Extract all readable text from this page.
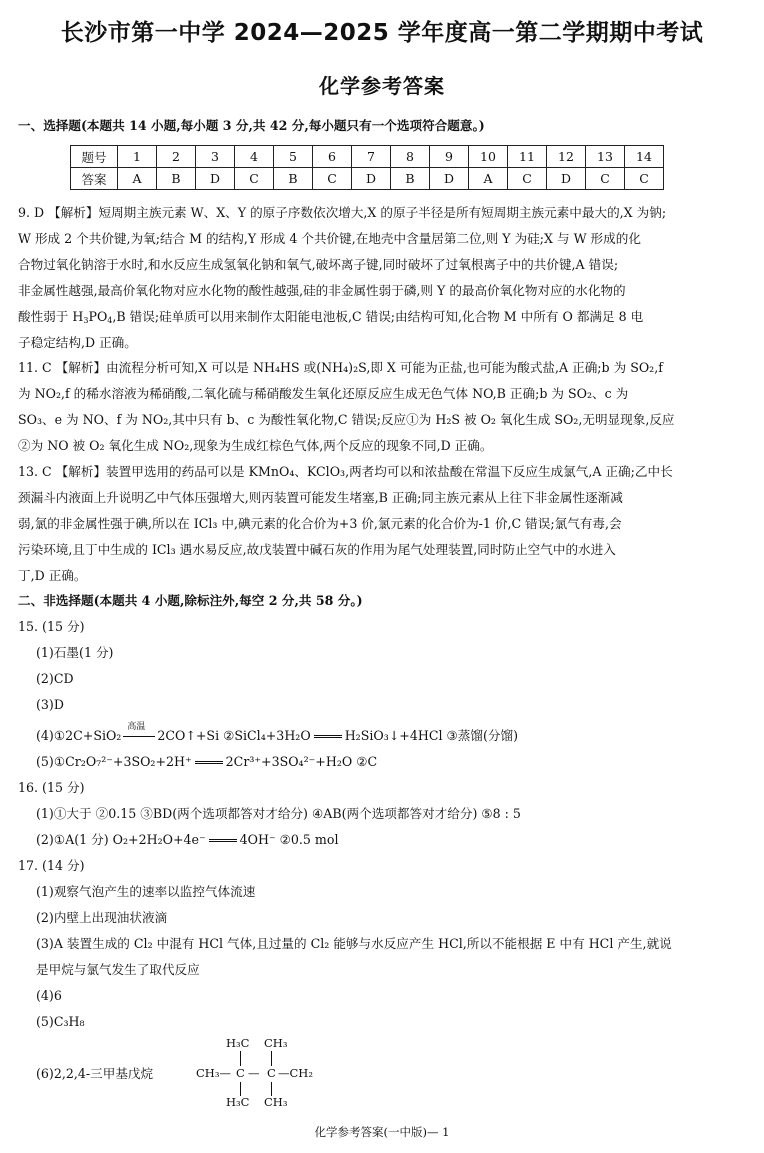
长沙市第一中学 2024—2025 学年度高一第二学期期中考试
化学参考答案
一、选择题(本题共 14 小题,每小题 3 分,共 42 分,每小题只有一个选项符合题意。)
题号	1	2	3	4	5	6	7	8	9	10	11	12	13	14
答案	A	B	D	C	B	C	D	B	D	A	C	D	C	C
9. D 【解析】短周期主族元素 W、X、Y 的原子序数依次增大,X 的原子半径是所有短周期主族元素中最大的,X 为钠;
W 形成 2 个共价键,为氧;结合 M 的结构,Y 形成 4 个共价键,在地壳中含量居第二位,则 Y 为硅;X 与 W 形成的化
合物过氧化钠溶于水时,和水反应生成氢氧化钠和氧气,破坏离子键,同时破坏了过氧根离子中的共价键,A 错误;
非金属性越强,最高价氧化物对应水化物的酸性越强,硅的非金属性弱于磷,则 Y 的最高价氧化物对应的水化物的
酸性弱于 $H_3PO_4,B$ 错误;硅单质可以用来制作太阳能电池板,C 错误;由结构可知,化合物 M 中所有 O 都满足 8 电
子稳定结构,D 正确。
11. C 【解析】由流程分析可知,X 可以是 NH₄HS 或(NH₄)₂S,即 X 可能为正盐,也可能为酸式盐,A 正确;b 为 SO₂,f
为 NO₂,f 的稀水溶液为稀硝酸,二氧化硫与稀硝酸发生氧化还原反应生成无色气体 NO,B 正确;b 为 SO₂、c 为
SO₃、e 为 NO、f 为 NO₂,其中只有 b、c 为酸性氧化物,C 错误;反应①为 H₂S 被 O₂ 氧化生成 SO₂,无明显现象,反应
②为 NO 被 O₂ 氧化生成 NO₂,现象为生成红棕色气体,两个反应的现象不同,D 正确。
13. C 【解析】装置甲选用的药品可以是 KMnO₄、KClO₃,两者均可以和浓盐酸在常温下反应生成氯气,A 正确;乙中长
颈漏斗内液面上升说明乙中气体压强增大,则丙装置可能发生堵塞,B 正确;同主族元素从上往下非金属性逐渐减
弱,氯的非金属性强于碘,所以在 ICl₃ 中,碘元素的化合价为+3 价,氯元素的化合价为-1 价,C 错误;氯气有毒,会
污染环境,且丁中生成的 ICl₃ 遇水易反应,故戊装置中碱石灰的作用为尾气处理装置,同时防止空气中的水进入
丁,D 正确。
二、非选择题(本题共 4 小题,除标注外,每空 2 分,共 58 分。)
15. (15 分)
(1)石墨(1 分)
(2)CD
(3)D
(4)①2C+SiO₂
高温
2CO↑+Si ②SiCl₄+3H₂O	H₂SiO₃↓+4HCl ③蒸馏(分馏)
(5)①Cr₂O₇²⁻+3SO₂+2H⁺	2Cr³⁺+3SO₄²⁻+H₂O ②C
16. (15 分)
(1)①大于 ②0.15 ③BD(两个选项都答对才给分) ④AB(两个选项都答对才给分) ⑤8 : 5
(2)①A(1 分) O₂+2H₂O+4e⁻	4OH⁻ ②0.5 mol
17. (14 分)
(1)观察气泡产生的速率以监控气体流速
(2)内壁上出现油状液滴
(3)A 装置生成的 Cl₂ 中混有 HCl 气体,且过量的 Cl₂ 能够与水反应产生 HCl,所以不能根据 E 中有 HCl 产生,就说
是甲烷与氯气发生了取代反应
(4)6
(5)C₃H₈
(6)2,2,4-三甲基戊烷
H₃C CH₃
CH₃— C — C —CH₂
H₃C CH₃
化学参考答案(一中版)— 1
